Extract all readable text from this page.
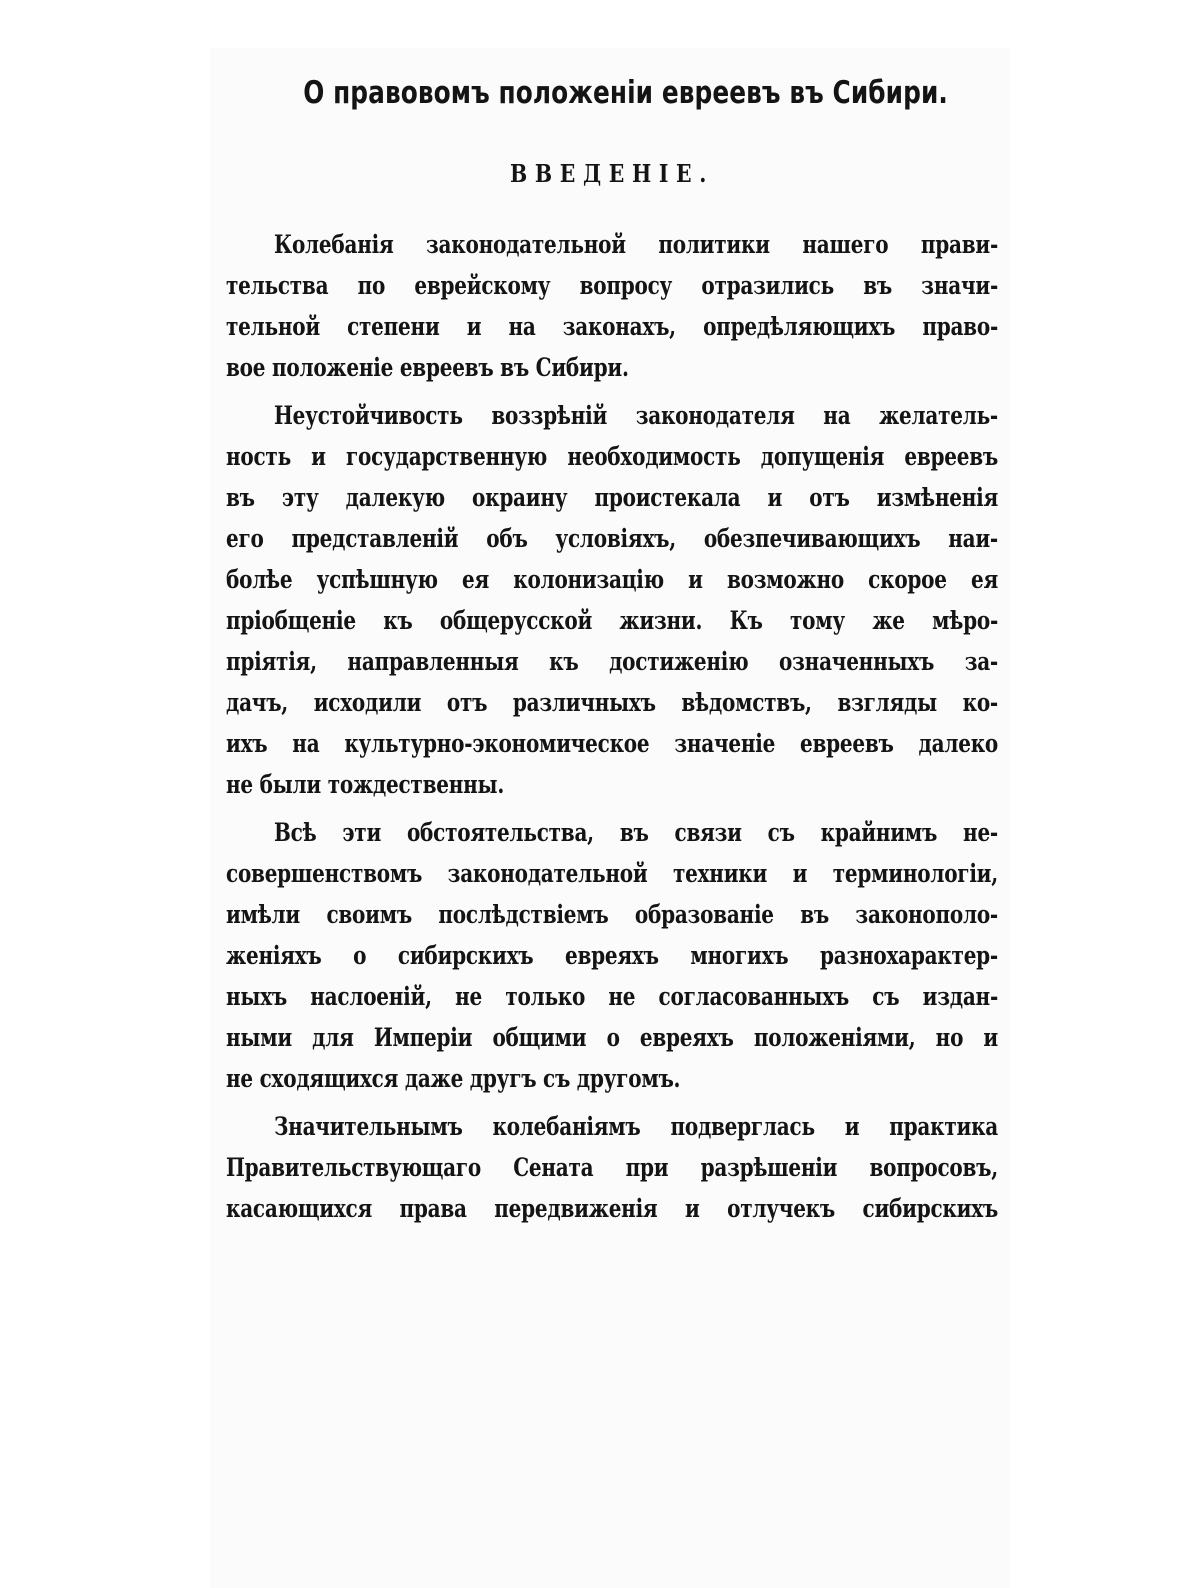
О правовомъ положеніи евреевъ въ Сибири.
ВВЕДЕНІЕ.
Колебанія законодательной политики нашего прави-
тельства по еврейскому вопросу отразились въ значи-
тельной степени и на законахъ, опредѣляющихъ право-
вое положеніе евреевъ въ Сибири.
Неустойчивость воззрѣній законодателя на желатель-
ность и государственную необходимость допущенія евреевъ
въ эту далекую окраину проистекала и отъ измѣненія
его представленій объ условіяхъ, обезпечивающихъ наи-
болѣе успѣшную ея колонизацію и возможно скорое ея
пріобщеніе къ общерусской жизни. Къ тому же мѣро-
пріятія, направленныя къ достиженію означенныхъ за-
дачъ, исходили отъ различныхъ вѣдомствъ, взгляды ко-
ихъ на культурно-экономическое значеніе евреевъ далеко
не были тождественны.
Всѣ эти обстоятельства, въ связи съ крайнимъ не-
совершенствомъ законодательной техники и терминологіи,
имѣли своимъ послѣдствіемъ образованіе въ законополо-
женіяхъ о сибирскихъ евреяхъ многихъ разнохарактер-
ныхъ наслоеній, не только не согласованныхъ съ издан-
ными для Имперіи общими о евреяхъ положеніями, но и
не сходящихся даже другъ съ другомъ.
Значительнымъ колебаніямъ подверглась и практика
Правительствующаго Сената при разрѣшеніи вопросовъ,
касающихся права передвиженія и отлучекъ сибирскихъ
